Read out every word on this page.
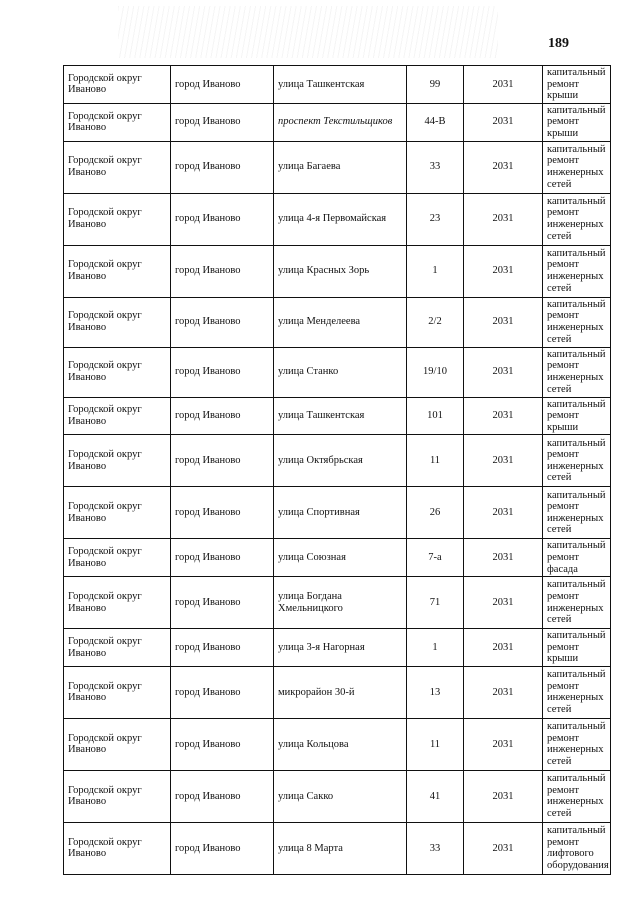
189
Городской округ Иваново	город Иваново	улица Ташкентская	99	2031	капитальный ремонт крыши
Городской округ Иваново	город Иваново	проспект Текстильщиков	44-В	2031	капитальный ремонт крыши
Городской округ Иваново	город Иваново	улица Багаева	33	2031	капитальный ремонт инженерных сетей
Городской округ Иваново	город Иваново	улица 4-я Первомайская	23	2031	капитальный ремонт инженерных сетей
Городской округ Иваново	город Иваново	улица Красных Зорь	1	2031	капитальный ремонт инженерных сетей
Городской округ Иваново	город Иваново	улица Менделеева	2/2	2031	капитальный ремонт инженерных сетей
Городской округ Иваново	город Иваново	улица Станко	19/10	2031	капитальный ремонт инженерных сетей
Городской округ Иваново	город Иваново	улица Ташкентская	101	2031	капитальный ремонт крыши
Городской округ Иваново	город Иваново	улица Октябрьская	11	2031	капитальный ремонт инженерных сетей
Городской округ Иваново	город Иваново	улица Спортивная	26	2031	капитальный ремонт инженерных сетей
Городской округ Иваново	город Иваново	улица Союзная	7-а	2031	капитальный ремонт фасада
Городской округ Иваново	город Иваново	улица Богдана Хмельницкого	71	2031	капитальный ремонт инженерных сетей
Городской округ Иваново	город Иваново	улица 3-я Нагорная	1	2031	капитальный ремонт крыши
Городской округ Иваново	город Иваново	микрорайон 30-й	13	2031	капитальный ремонт инженерных сетей
Городской округ Иваново	город Иваново	улица Кольцова	11	2031	капитальный ремонт инженерных сетей
Городской округ Иваново	город Иваново	улица Сакко	41	2031	капитальный ремонт инженерных сетей
Городской округ Иваново	город Иваново	улица 8 Марта	33	2031	капитальный ремонт лифтового оборудования
